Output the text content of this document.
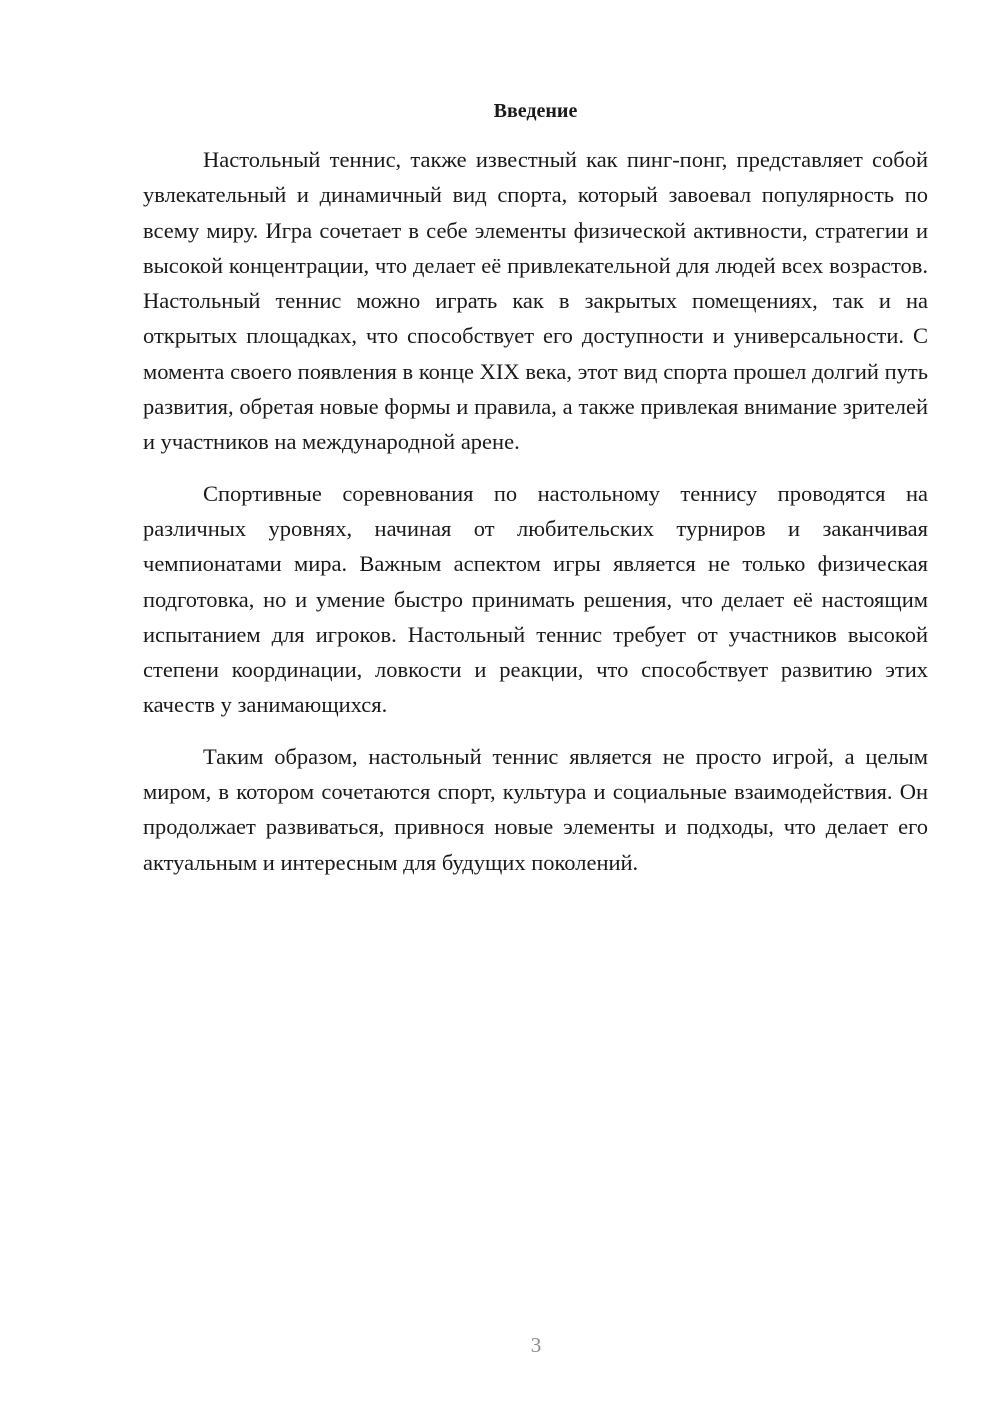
Введение

Настольный теннис, также известный как пинг-понг, представляет собой увлекательный и динамичный вид спорта, который завоевал популярность по всему миру. Игра сочетает в себе элементы физической активности, стратегии и высокой концентрации, что делает её привлекательной для людей всех возрастов. Настольный теннис можно играть как в закрытых помещениях, так и на открытых площадках, что способствует его доступности и универсальности. С момента своего появления в конце XIX века, этот вид спорта прошел долгий путь развития, обретая новые формы и правила, а также привлекая внимание зрителей и участников на международной арене.

Спортивные соревнования по настольному теннису проводятся на различных уровнях, начиная от любительских турниров и заканчивая чемпионатами мира. Важным аспектом игры является не только физическая подготовка, но и умение быстро принимать решения, что делает её настоящим испытанием для игроков. Настольный теннис требует от участников высокой степени координации, ловкости и реакции, что способствует развитию этих качеств у занимающихся.

Таким образом, настольный теннис является не просто игрой, а целым миром, в котором сочетаются спорт, культура и социальные взаимодействия. Он продолжает развиваться, привнося новые элементы и подходы, что делает его актуальным и интересным для будущих поколений.

3
